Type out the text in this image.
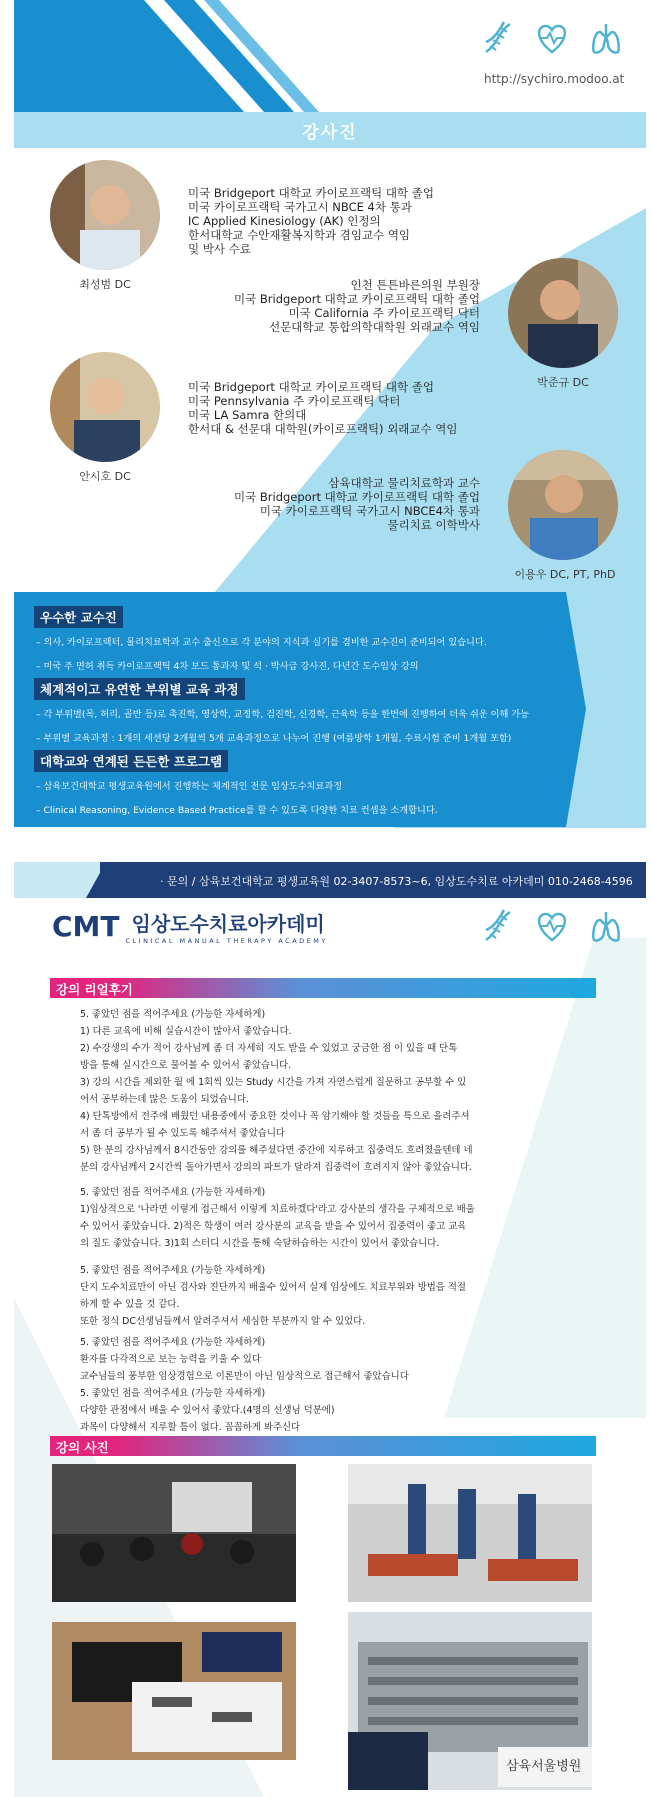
http://sychiro.modoo.at
강사진
최성범 DC
미국 Bridgeport 대학교 카이로프랙틱 대학 졸업
미국 카이로프랙틱 국가고시 NBCE 4차 통과
IC Applied Kinesiology (AK) 인정의
한서대학교 수안재활복지학과 겸임교수 역임
및 박사 수료
박준규 DC
인천 튼튼바른의원 부원장
미국 Bridgeport 대학교 카이로프랙틱 대학 졸업
미국 California 주 카이로프랙틱 닥터
선문대학교 통합의학대학원 외래교수 역임
안시호 DC
미국 Bridgeport 대학교 카이로프랙틱 대학 졸업
미국 Pennsylvania 주 카이로프랙틱 닥터
미국 LA Samra 한의대
한서대 & 선문대 대학원(카이로프랙틱) 외래교수 역임
이용우 DC, PT, PhD
삼육대학교 물리치료학과 교수
미국 Bridgeport 대학교 카이로프랙틱 대학 졸업
미국 카이로프랙틱 국가고시 NBCE4차 통과
물리치료 이학박사
우수한 교수진
– 의사, 카이로프랙터, 물리치료학과 교수 출신으로 각 분야의 지식과 실기를 겸비한 교수진이 준비되어 있습니다.
– 미국 주 면허 취득 카이로프랙틱 4차 보드 통과자 및 석 · 박사급 강사진, 다년간 도수임상 강의
체계적이고 유연한 부위별 교육 과정
– 각 부위별(목, 허리, 골반 등)로 촉진학, 영상학, 교정학, 검진학, 신경학, 근육학 등을 한번에 진행하여 더욱 쉬운 이해 가능
– 부위별 교육과정 : 1개의 세션당 2개월씩 5개 교육과정으로 나누어 진행 (여름방학 1개월, 수료시험 준비 1개월 포함)
대학교와 연계된 든든한 프로그램
– 삼육보건대학교 평생교육원에서 진행하는 체계적인 전문 임상도수치료과정
– Clinical Reasoning, Evidence Based Practice를 할 수 있도록 다양한 치료 컨셉을 소개합니다.
· 문의 / 삼육보건대학교 평생교육원 02-3407-8573~6, 임상도수치료 아카데미 010-2468-4596
CMT 임상도수치료아카데미
CLINICAL MANUAL THERAPY ACADEMY
강의 리얼후기

5. 좋았던 점을 적어주세요 (가능한 자세하게)

1) 다른 교육에 비해 실습시간이 많아서 좋았습니다.

2) 수강생의 수가 적어 강사님께 좀 더 자세히 지도 받을 수 있었고 궁금한 점 이 있을 때 단톡

방을 통해 실시간으로 물어볼 수 있어서 좋았습니다.

3) 강의 시간을 제외한 월 에 1회씩 있는 Study 시간을 가져 자연스럽게 질문하고 공부할 수 있

어서 공부하는데 많은 도움이 되었습니다.

4) 단톡방에서 전주에 배웠던 내용중에서 중요한 것이나 꼭 암기해야 할 것들을 특으로 올려주셔

서 좀 더 공부가 될 수 있도록 해주셔서 좋았습니다

5) 한 분의 강사님께서 8시간동안 강의를 해주셨다면 중간에 지루하고 집중력도 흐려졌을텐데 네

분의 강사님께서 2시간씩 돌아가면서 강의의 파트가 달라져 집중력이 흐려지지 않아 좋았습니다.

5. 좋았던 점을 적어주세요 (가능한 자세하게)

1)임상적으로 '나라면 이렇게 접근해서 이렇게 치료하겠다'라고 강사분의 생각을 구체적으로 배울

수 있어서 좋았습니다. 2)적은 학생이 여러 강사분의 교육을 받을 수 있어서 집중력이 좋고 교육

의 질도 좋았습니다. 3)1회 스터디 시간을 통해 숙달하습하는 시간이 있어서 좋았습니다.

5. 좋았던 점을 적어주세요 (가능한 자세하게)

단지 도수치료만이 아닌 검사와 진단까지 배울수 있어서 실제 임상에도 치료부위와 방법을 적절

하게 할 수 있을 것 같다.

또한 정식 DC선생님들께서 알려주셔서 세심한 부분까지 알 수 있었다.

5. 좋았던 점을 적어주세요 (가능한 자세하게)

환자를 다각적으로 보는 능력을 키울 수 있다

교수님들의 풍부한 임상경험으로 이론만이 아닌 임상적으로 접근해서 좋았습니다

5. 좋았던 점을 적어주세요 (가능한 자세하게)

다양한 관점에서 배울 수 있어서 좋았다.(4명의 선생님 덕분에)

과목이 다양해서 지루할 틈이 없다. 꼼꼼하게 봐주신다

강의 사진
삼육서울병원
